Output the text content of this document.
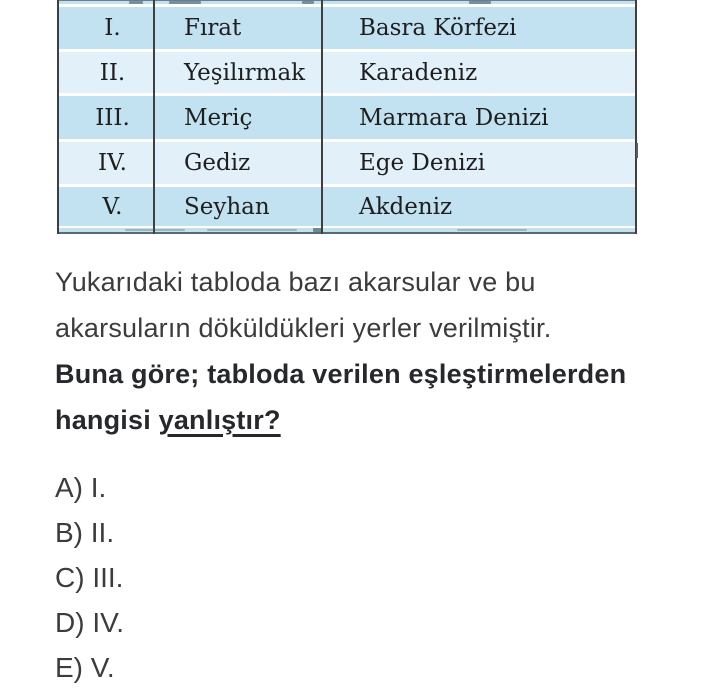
I.	Fırat	Basra Körfezi
II.	Yeşilırmak	Karadeniz
III.	Meriç	Marmara Denizi
IV.	Gediz	Ege Denizi
V.	Seyhan	Akdeniz
Yukarıdaki tabloda bazı akarsular ve bu
akarsuların döküldükleri yerler verilmiştir.
Buna göre; tabloda verilen eşleştirmelerden
hangisi yanlıştır?
A) I.
B) II.
C) III.
D) IV.
E) V.
